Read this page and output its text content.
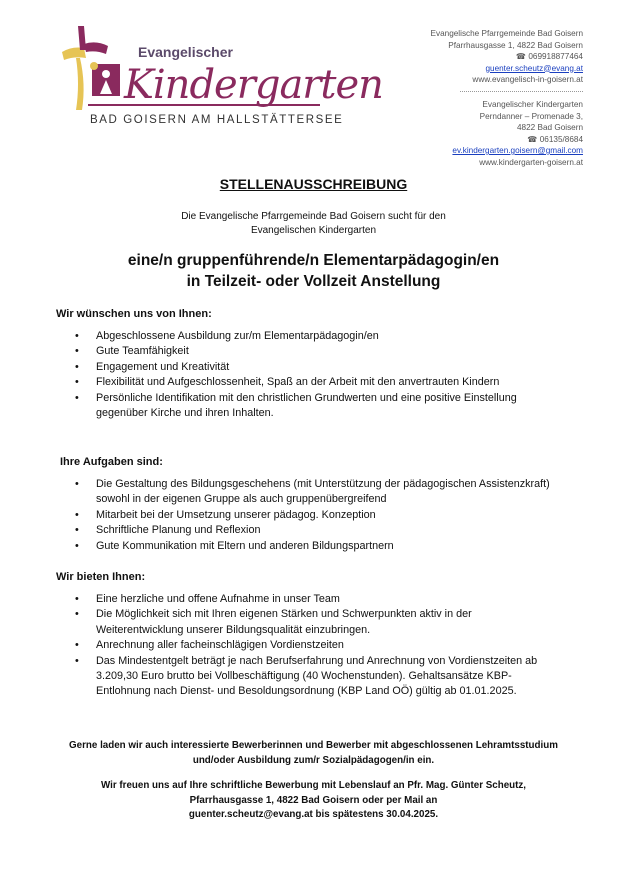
Evangelischer
Kindergarten
BAD GOISERN AM HALLSTÄTTERSEE
Evangelische Pfarrgemeinde Bad Goisern
Pfarrhausgasse 1, 4822 Bad Goisern
☎ 069918877464
guenter.scheutz@evang.at
www.evangelisch-in-goisern.at
Evangelischer Kindergarten
Perndanner – Promenade 3,
4822 Bad Goisern
☎ 06135/8684
ev.kindergarten.goisern@gmail.com
www.kindergarten-goisern.at
STELLENAUSSCHREIBUNG
Die Evangelische Pfarrgemeinde Bad Goisern sucht für den
Evangelischen Kindergarten
eine/n gruppenführende/n Elementarpädagogin/en
in Teilzeit- oder Vollzeit Anstellung
Wir wünschen uns von Ihnen:
• Abgeschlossene Ausbildung zur/m Elementarpädagogin/en
• Gute Teamfähigkeit
• Engagement und Kreativität
• Flexibilität und Aufgeschlossenheit, Spaß an der Arbeit mit den anvertrauten Kindern
• Persönliche Identifikation mit den christlichen Grundwerten und eine positive Einstellung gegenüber Kirche und ihren Inhalten.
Ihre Aufgaben sind:
• Die Gestaltung des Bildungsgeschehens (mit Unterstützung der pädagogischen Assistenzkraft) sowohl in der eigenen Gruppe als auch gruppenübergreifend
• Mitarbeit bei der Umsetzung unserer pädagog. Konzeption
• Schriftliche Planung und Reflexion
• Gute Kommunikation mit Eltern und anderen Bildungspartnern
Wir bieten Ihnen:
• Eine herzliche und offene Aufnahme in unser Team
• Die Möglichkeit sich mit Ihren eigenen Stärken und Schwerpunkten aktiv in der Weiterentwicklung unserer Bildungsqualität einzubringen.
• Anrechnung aller facheinschlägigen Vordienstzeiten
• Das Mindestentgelt beträgt je nach Berufserfahrung und Anrechnung von Vordienstzeiten ab 3.209,30 Euro brutto bei Vollbeschäftigung (40 Wochenstunden). Gehaltsansätze KBP-Entlohnung nach Dienst- und Besoldungsordnung (KBP Land OÖ) gültig ab 01.01.2025.
Gerne laden wir auch interessierte Bewerberinnen und Bewerber mit abgeschlossenen Lehramtsstudium und/oder Ausbildung zum/r Sozialpädagogen/in ein.
Wir freuen uns auf Ihre schriftliche Bewerbung mit Lebenslauf an Pfr. Mag. Günter Scheutz,
Pfarrhausgasse 1, 4822 Bad Goisern oder per Mail an
guenter.scheutz@evang.at bis spätestens 30.04.2025.
